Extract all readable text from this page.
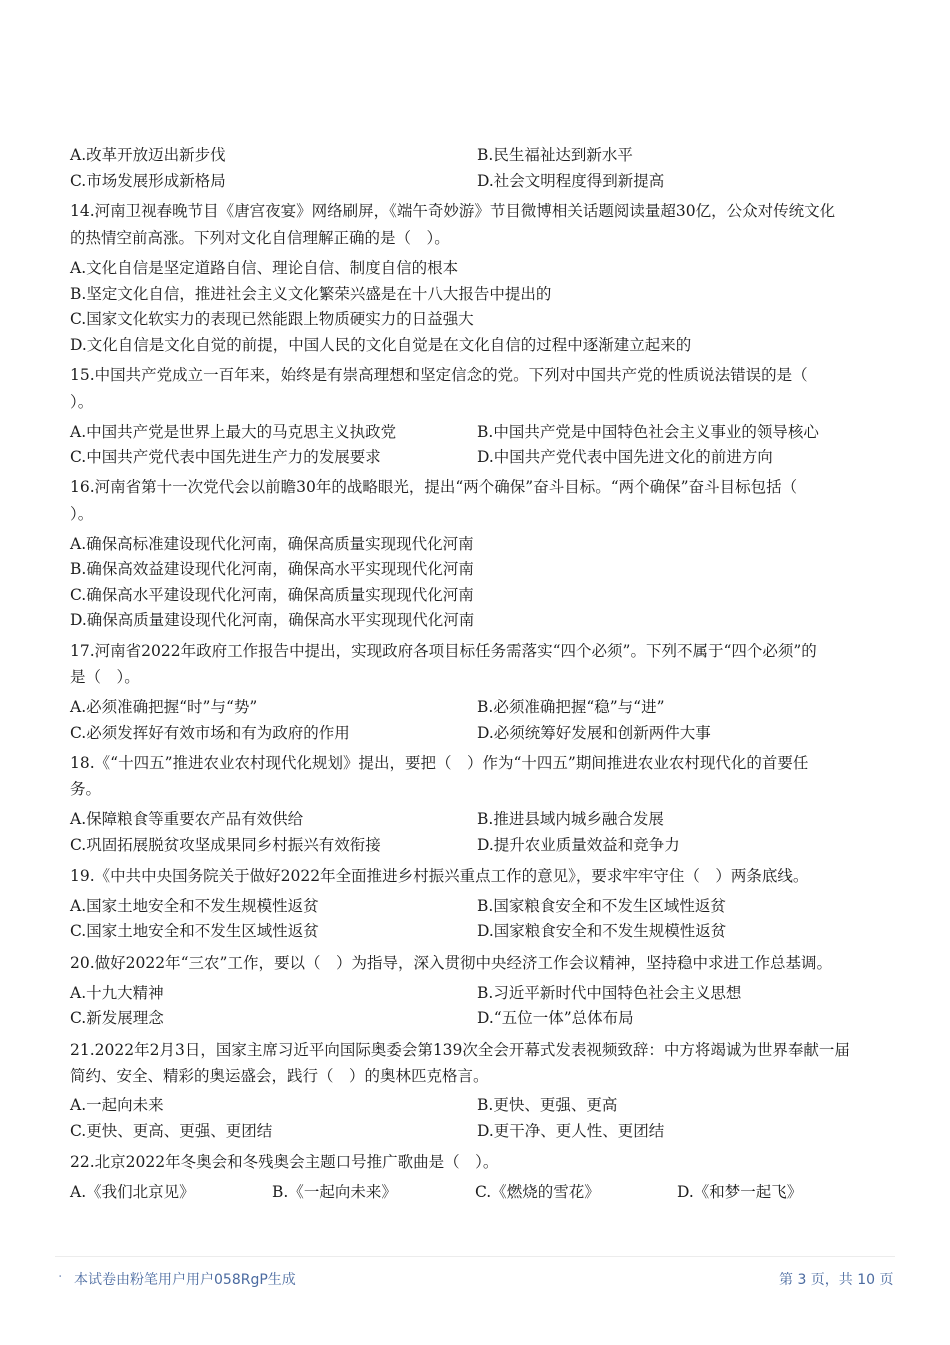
A.改革开放迈出新步伐	B.民生福祉达到新水平
C.市场发展形成新格局	D.社会文明程度得到新提高
14.河南卫视春晚节目《唐宫夜宴》网络刷屏，《端午奇妙游》节目微博相关话题阅读量超30亿，公众对传统文化
的热情空前高涨。下列对文化自信理解正确的是（　）。
A.文化自信是坚定道路自信、理论自信、制度自信的根本
B.坚定文化自信，推进社会主义文化繁荣兴盛是在十八大报告中提出的
C.国家文化软实力的表现已然能跟上物质硬实力的日益强大
D.文化自信是文化自觉的前提，中国人民的文化自觉是在文化自信的过程中逐渐建立起来的
15.中国共产党成立一百年来，始终是有崇高理想和坚定信念的党。下列对中国共产党的性质说法错误的是（
）。
A.中国共产党是世界上最大的马克思主义执政党	B.中国共产党是中国特色社会主义事业的领导核心
C.中国共产党代表中国先进生产力的发展要求	D.中国共产党代表中国先进文化的前进方向
16.河南省第十一次党代会以前瞻30年的战略眼光，提出“两个确保”奋斗目标。“两个确保”奋斗目标包括（
）。
A.确保高标准建设现代化河南，确保高质量实现现代化河南
B.确保高效益建设现代化河南，确保高水平实现现代化河南
C.确保高水平建设现代化河南，确保高质量实现现代化河南
D.确保高质量建设现代化河南，确保高水平实现现代化河南
17.河南省2022年政府工作报告中提出，实现政府各项目标任务需落实“四个必须”。下列不属于“四个必须”的
是（　）。
A.必须准确把握“时”与“势”	B.必须准确把握“稳”与“进”
C.必须发挥好有效市场和有为政府的作用	D.必须统筹好发展和创新两件大事
18.《“十四五”推进农业农村现代化规划》提出，要把（　）作为“十四五”期间推进农业农村现代化的首要任
务。
A.保障粮食等重要农产品有效供给	B.推进县域内城乡融合发展
C.巩固拓展脱贫攻坚成果同乡村振兴有效衔接	D.提升农业质量效益和竞争力
19.《中共中央国务院关于做好2022年全面推进乡村振兴重点工作的意见》，要求牢牢守住（　）两条底线。
A.国家土地安全和不发生规模性返贫	B.国家粮食安全和不发生区域性返贫
C.国家土地安全和不发生区域性返贫	D.国家粮食安全和不发生规模性返贫
20.做好2022年“三农”工作，要以（　）为指导，深入贯彻中央经济工作会议精神，坚持稳中求进工作总基调。
A.十九大精神	B.习近平新时代中国特色社会主义思想
C.新发展理念	D.“五位一体”总体布局
21.2022年2月3日，国家主席习近平向国际奥委会第139次全会开幕式发表视频致辞：中方将竭诚为世界奉献一届
简约、安全、精彩的奥运盛会，践行（　）的奥林匹克格言。
A.一起向未来	B.更快、更强、更高
C.更快、更高、更强、更团结	D.更干净、更人性、更团结
22.北京2022年冬奥会和冬残奥会主题口号推广歌曲是（　）。
A.《我们北京见》	B.《一起向未来》	C.《燃烧的雪花》	D.《和梦一起飞》
· 本试卷由粉笔用户用户058RgP生成	第 3 页，共 10 页
